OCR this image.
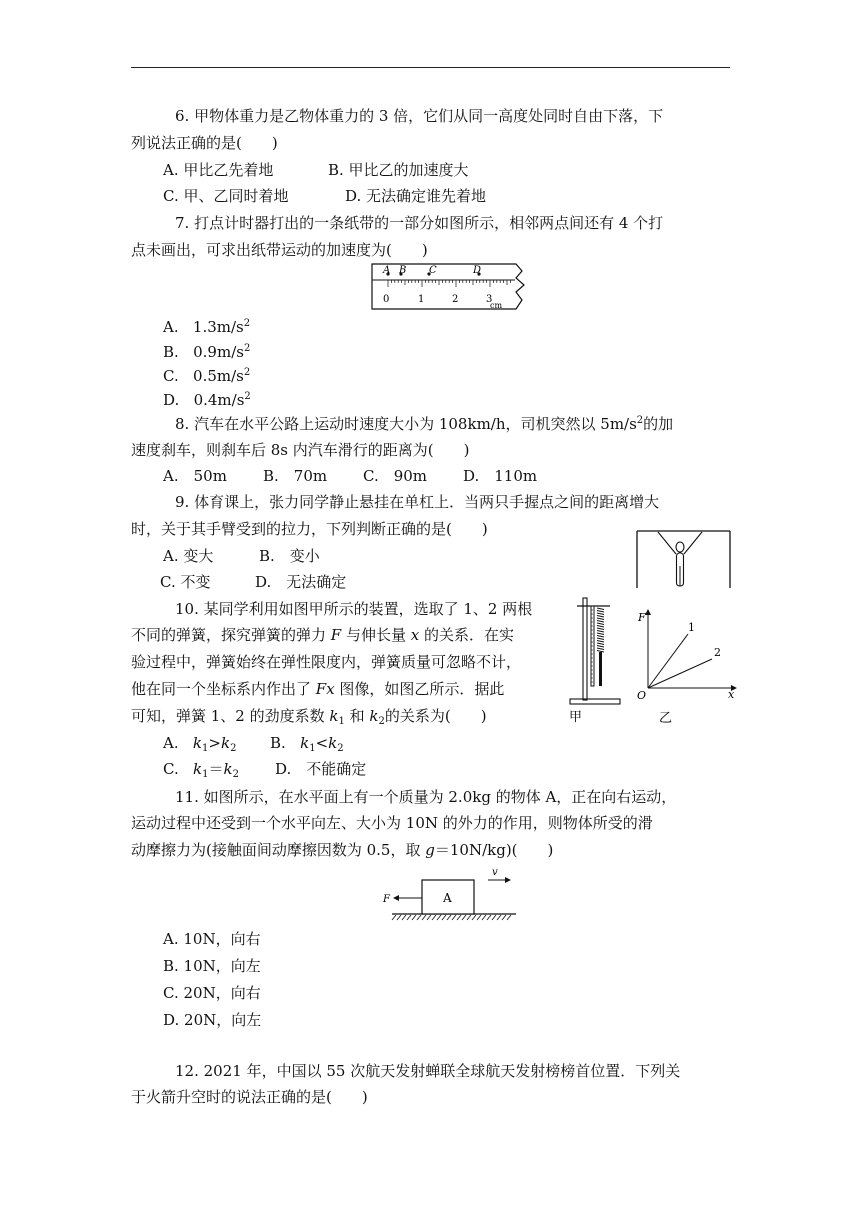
6. 甲物体重力是乙物体重力的 3 倍，它们从同一高度处同时自由下落，下
列说法正确的是(　　)
A. 甲比乙先着地	B. 甲比乙的加速度大
C. 甲、乙同时着地	D. 无法确定谁先着地
7. 打点计时器打出的一条纸带的一部分如图所示，相邻两点间还有 4 个打
点未画出，可求出纸带运动的加速度为(　　)
A B C	D
0	1	2	3
cm
A. $1.3m/s^2$
B. $0.9m/s^2$
C. $0.5m/s^2$
D. $0.4m/s^2$
8. 汽车在水平公路上运动时速度大小为 108km/h，司机突然以 $5m/s^2$的加
速度刹车，则刹车后 8s 内汽车滑行的距离为(　　)
A.　50m B.　70m C.　90m D.　110m
9. 体育课上，张力同学静止悬挂在单杠上．当两只手握点之间的距离增大
时，关于其手臂受到的拉力，下列判断正确的是(　　)
A. 变大	B.　变小
C. 不变	D.　无法确定
10. 某同学利用如图甲所示的装置，选取了 1、2 两根
不同的弹簧，探究弹簧的弹力 F 与伸长量 x 的关系．在实
验过程中，弹簧始终在弹性限度内，弹簧质量可忽略不计，
他在同一个坐标系内作出了 Fx 图像，如图乙所示．据此
可知，弹簧 1、2 的劲度系数 $k_1$ 和 $k_2$的关系为(　　)
A. $k_1>k_2$ B. $k_1<k_2$
C. $k_1=k_2$ D.　不能确定
甲
F
O	x
1
2
乙
11. 如图所示，在水平面上有一个质量为 2.0kg 的物体 A，正在向右运动，
运动过程中还受到一个水平向左、大小为 10N 的外力的作用，则物体所受的滑
动摩擦力为(接触面间动摩擦因数为 0.5，取 g＝10N/kg)(　　)
A
F
v
A. 10N，向右
B. 10N，向左
C. 20N，向右
D. 20N，向左
12. 2021 年，中国以 55 次航天发射蝉联全球航天发射榜榜首位置．下列关
于火箭升空时的说法正确的是(　　)
